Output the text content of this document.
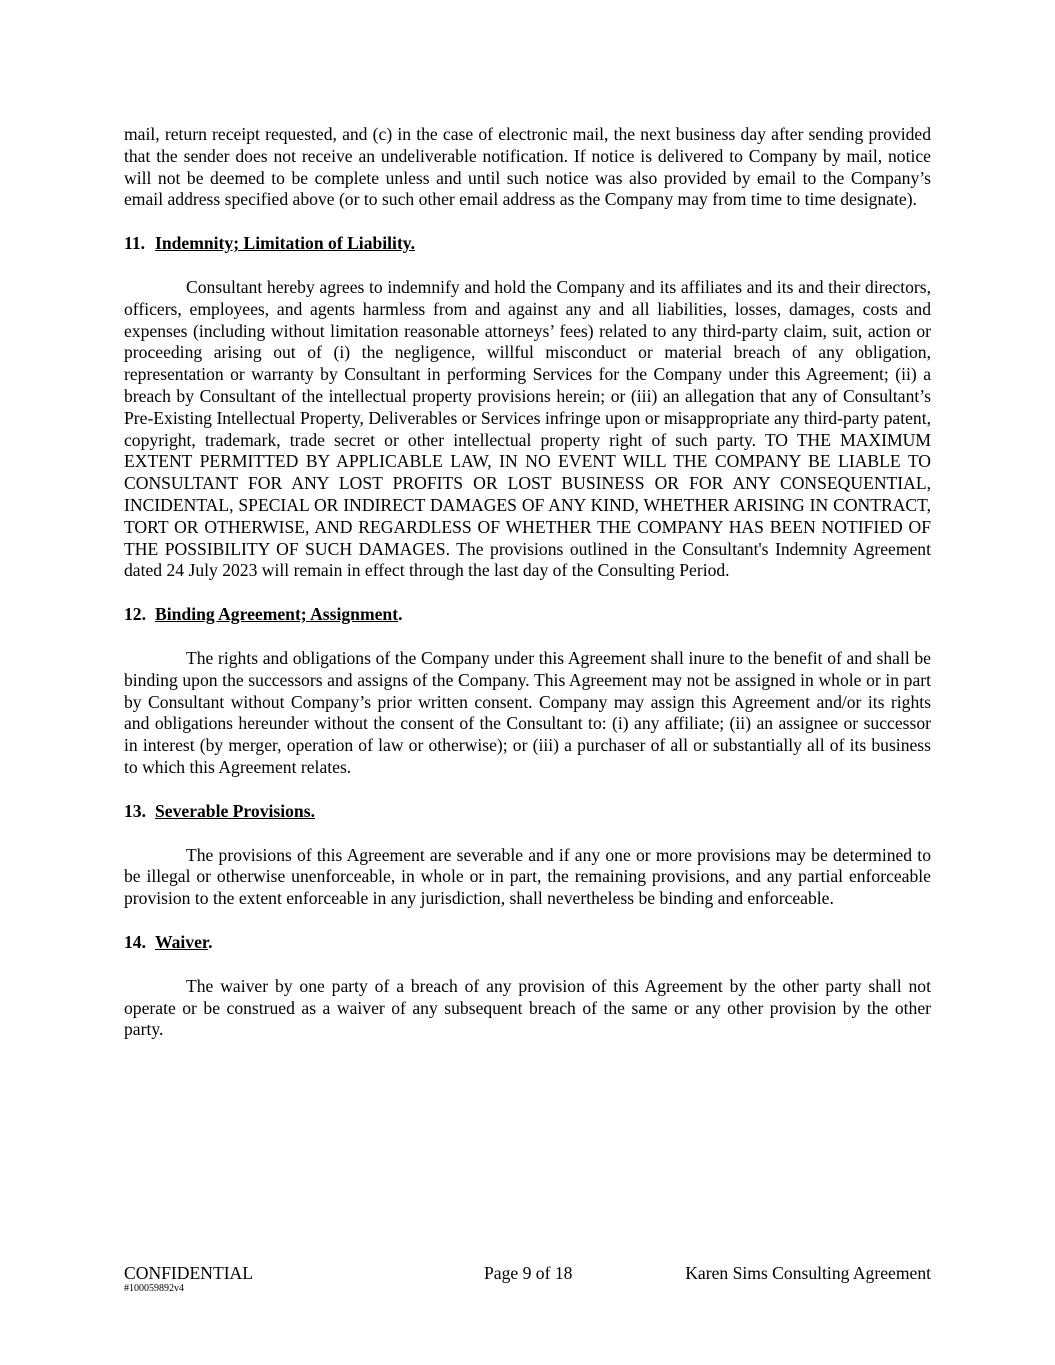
mail, return receipt requested, and (c) in the case of electronic mail, the next business day after sending provided that the sender does not receive an undeliverable notification. If notice is delivered to Company by mail, notice will not be deemed to be complete unless and until such notice was also provided by email to the Company’s email address specified above (or to such other email address as the Company may from time to time designate).

11. Indemnity; Limitation of Liability.

Consultant hereby agrees to indemnify and hold the Company and its affiliates and its and their directors, officers, employees, and agents harmless from and against any and all liabilities, losses, damages, costs and expenses (including without limitation reasonable attorneys’ fees) related to any third-party claim, suit, action or proceeding arising out of (i) the negligence, willful misconduct or material breach of any obligation, representation or warranty by Consultant in performing Services for the Company under this Agreement; (ii) a breach by Consultant of the intellectual property provisions herein; or (iii) an allegation that any of Consultant’s Pre-Existing Intellectual Property, Deliverables or Services infringe upon or misappropriate any third-party patent, copyright, trademark, trade secret or other intellectual property right of such party. TO THE MAXIMUM EXTENT PERMITTED BY APPLICABLE LAW, IN NO EVENT WILL THE COMPANY BE LIABLE TO CONSULTANT FOR ANY LOST PROFITS OR LOST BUSINESS OR FOR ANY CONSEQUENTIAL, INCIDENTAL, SPECIAL OR INDIRECT DAMAGES OF ANY KIND, WHETHER ARISING IN CONTRACT, TORT OR OTHERWISE, AND REGARDLESS OF WHETHER THE COMPANY HAS BEEN NOTIFIED OF THE POSSIBILITY OF SUCH DAMAGES. The provisions outlined in the Consultant's Indemnity Agreement dated 24 July 2023 will remain in effect through the last day of the Consulting Period.

12. Binding Agreement; Assignment.

The rights and obligations of the Company under this Agreement shall inure to the benefit of and shall be binding upon the successors and assigns of the Company. This Agreement may not be assigned in whole or in part by Consultant without Company’s prior written consent. Company may assign this Agreement and/or its rights and obligations hereunder without the consent of the Consultant to: (i) any affiliate; (ii) an assignee or successor in interest (by merger, operation of law or otherwise); or (iii) a purchaser of all or substantially all of its business to which this Agreement relates.

13. Severable Provisions.

The provisions of this Agreement are severable and if any one or more provisions may be determined to be illegal or otherwise unenforceable, in whole or in part, the remaining provisions, and any partial enforceable provision to the extent enforceable in any jurisdiction, shall nevertheless be binding and enforceable.

14. Waiver.

The waiver by one party of a breach of any provision of this Agreement by the other party shall not operate or be construed as a waiver of any subsequent breach of the same or any other provision by the other party.

CONFIDENTIAL	Page 9 of 18	Karen Sims Consulting Agreement
#100059892v4
